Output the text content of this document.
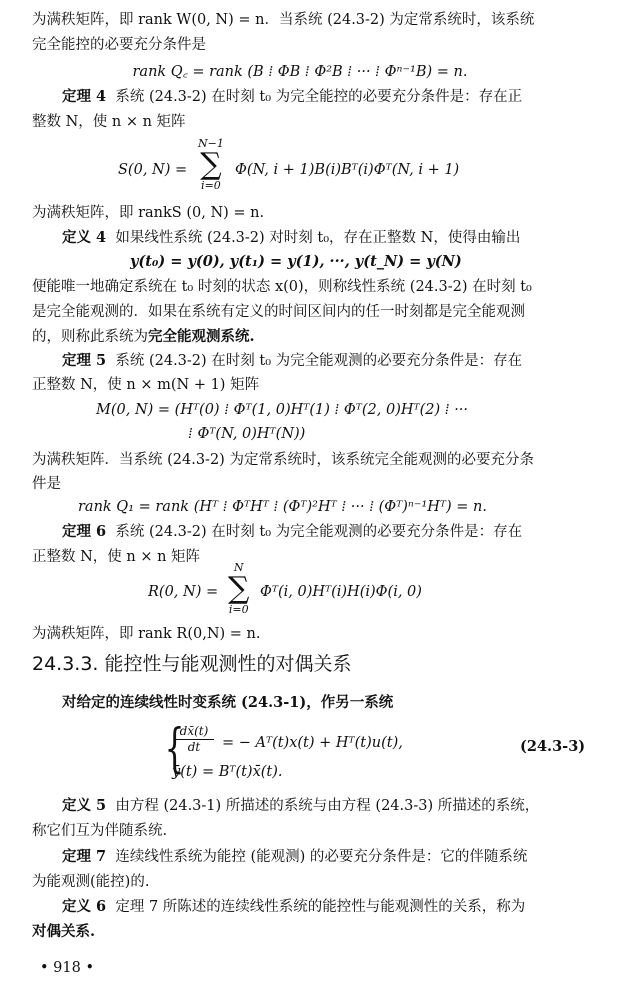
为满秩矩阵，即 rank W(0, N) = n．当系统 (24.3-2) 为定常系统时，该系统
完全能控的必要充分条件是
rank Q꜀ = rank (B ⁞ ΦB ⁞ Φ²B ⁞ ··· ⁞ Φⁿ⁻¹B) = n.
定理 4 系统 (24.3-2) 在时刻 t₀ 为完全能控的必要充分条件是：存在正
整数 N，使 n × n 矩阵
S(0, N) =
N−1
∑
i=0
Φ(N, i + 1)B(i)Bᵀ(i)Φᵀ(N, i + 1)
为满秩矩阵，即 rankS (0, N) = n.
定义 4 如果线性系统 (24.3-2) 对时刻 t₀，存在正整数 N，使得由输出
y(t₀) = y(0), y(t₁) = y(1), ···, y(t_N) = y(N)
便能唯一地确定系统在 t₀ 时刻的状态 x(0)，则称线性系统 (24.3-2) 在时刻 t₀
是完全能观测的．如果在系统有定义的时间区间内的任一时刻都是完全能观测
的，则称此系统为完全能观测系统.
定理 5 系统 (24.3-2) 在时刻 t₀ 为完全能观测的必要充分条件是：存在
正整数 N，使 n × m(N + 1) 矩阵
M(0, N) = (Hᵀ(0) ⁞ Φᵀ(1, 0)Hᵀ(1) ⁞ Φᵀ(2, 0)Hᵀ(2) ⁞ ···
⁞ Φᵀ(N, 0)Hᵀ(N))
为满秩矩阵．当系统 (24.3-2) 为定常系统时，该系统完全能观测的必要充分条
件是
rank Q₁ = rank (Hᵀ ⁞ ΦᵀHᵀ ⁞ (Φᵀ)²Hᵀ ⁞ ··· ⁞ (Φᵀ)ⁿ⁻¹Hᵀ) = n.
定理 6 系统 (24.3-2) 在时刻 t₀ 为完全能观测的必要充分条件是：存在
正整数 N，使 n × n 矩阵
R(0, N) =
N
∑
i=0
Φᵀ(i, 0)Hᵀ(i)H(i)Φ(i, 0)
为满秩矩阵，即 rank R(0,N) = n.
24.3.3. 能控性与能观测性的对偶关系
对给定的连续线性时变系统 (24.3-1)，作另一系统
{
dx̄(t)
dt	= − Aᵀ(t)x(t) + Hᵀ(t)u(t),
ȳ(t) = Bᵀ(t)x̄(t).
(24.3-3)
定义 5 由方程 (24.3-1) 所描述的系统与由方程 (24.3-3) 所描述的系统，
称它们互为伴随系统.
定理 7 连续线性系统为能控 (能观测) 的必要充分条件是：它的伴随系统
为能观测(能控)的.
定义 6 定理 7 所陈述的连续线性系统的能控性与能观测性的关系，称为
对偶关系.
• 918 •
